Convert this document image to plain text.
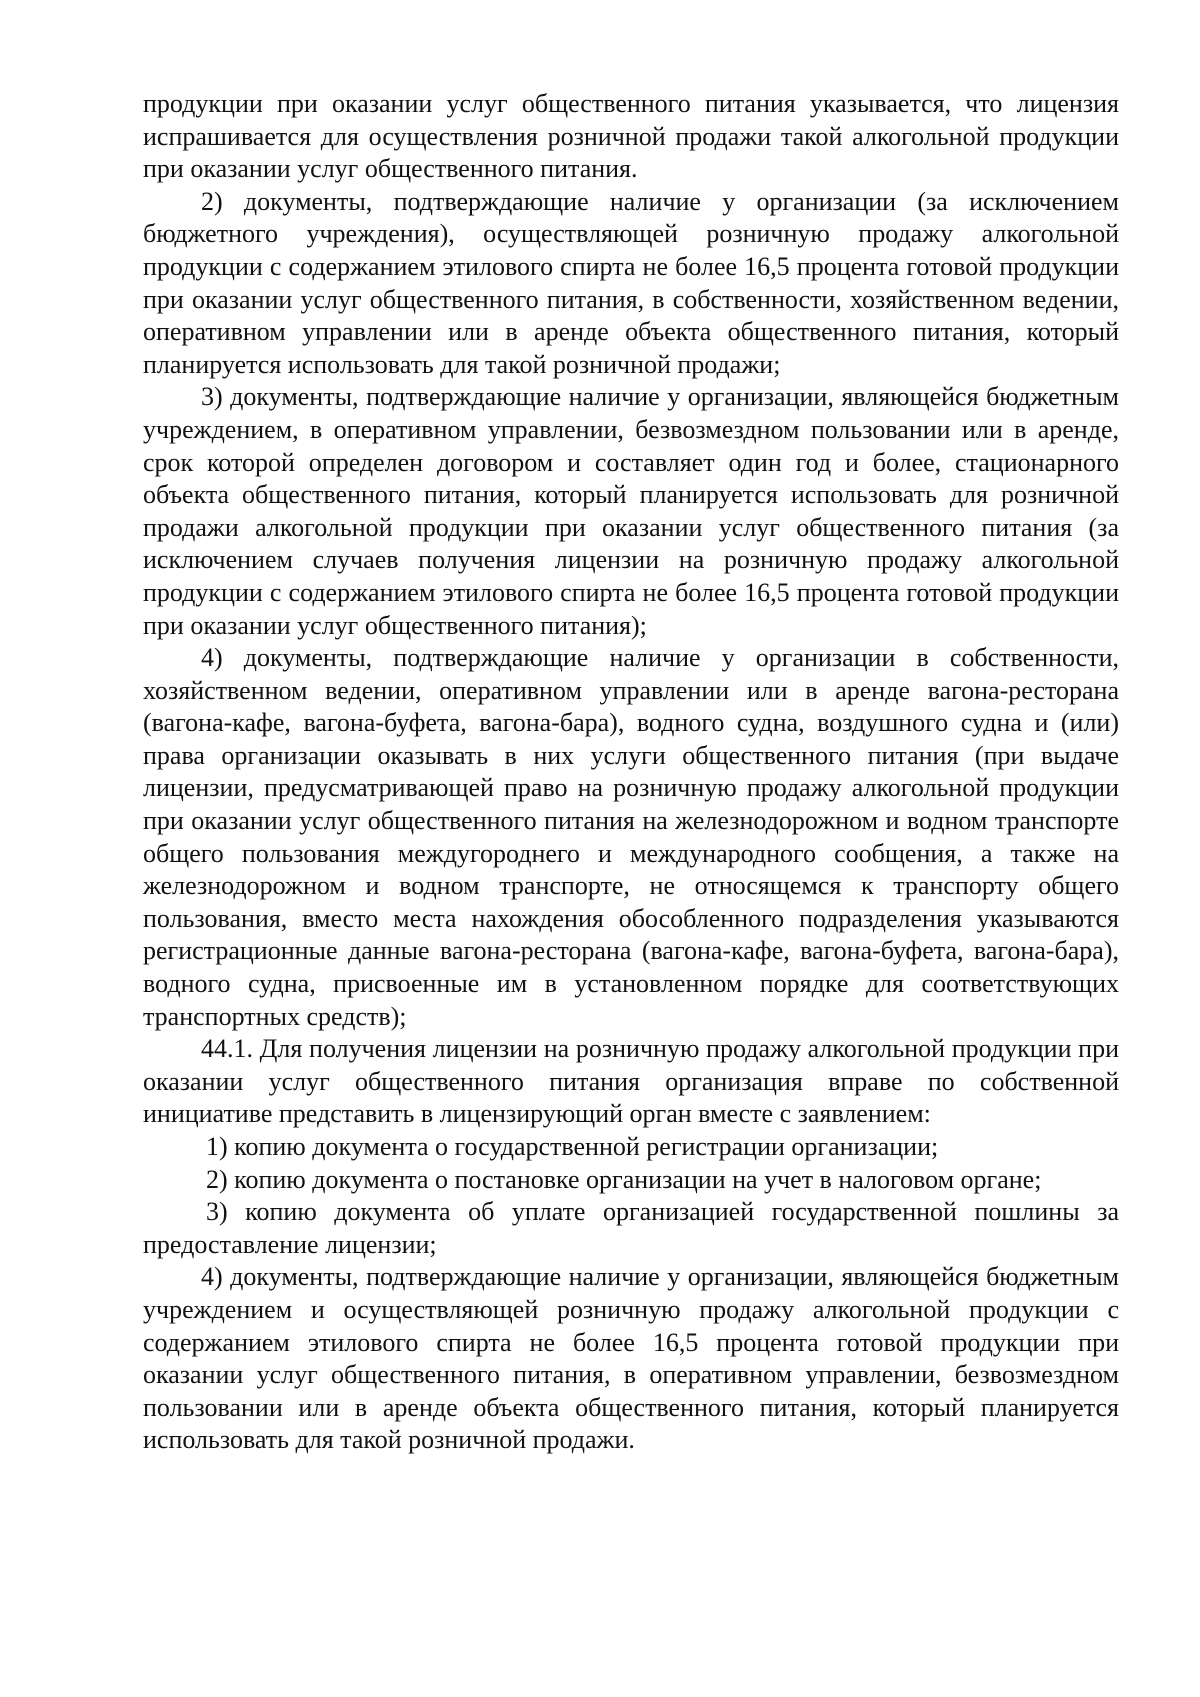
продукции при оказании услуг общественного питания указывается, что лицензия испрашивается для осуществления розничной продажи такой алкогольной продукции при оказании услуг общественного питания.

2) документы, подтверждающие наличие у организации (за исключением бюджетного учреждения), осуществляющей розничную продажу алкогольной продукции с содержанием этилового спирта не более 16,5 процента готовой продукции при оказании услуг общественного питания, в собственности, хозяйственном ведении, оперативном управлении или в аренде объекта общественного питания, который планируется использовать для такой розничной продажи;

3) документы, подтверждающие наличие у организации, являющейся бюджетным учреждением, в оперативном управлении, безвозмездном пользовании или в аренде, срок которой определен договором и составляет один год и более, стационарного объекта общественного питания, который планируется использовать для розничной продажи алкогольной продукции при оказании услуг общественного питания (за исключением случаев получения лицензии на розничную продажу алкогольной продукции с содержанием этилового спирта не более 16,5 процента готовой продукции при оказании услуг общественного питания);

4) документы, подтверждающие наличие у организации в собственности, хозяйственном ведении, оперативном управлении или в аренде вагона-ресторана (вагона-кафе, вагона-буфета, вагона-бара), водного судна, воздушного судна и (или) права организации оказывать в них услуги общественного питания (при выдаче лицензии, предусматривающей право на розничную продажу алкогольной продукции при оказании услуг общественного питания на железнодорожном и водном транспорте общего пользования междугороднего и международного сообщения, а также на железнодорожном и водном транспорте, не относящемся к транспорту общего пользования, вместо места нахождения обособленного подразделения указываются регистрационные данные вагона-ресторана (вагона-кафе, вагона-буфета, вагона-бара), водного судна, присвоенные им в установленном порядке для соответствующих транспортных средств);

44.1. Для получения лицензии на розничную продажу алкогольной продукции при оказании услуг общественного питания организация вправе по собственной инициативе представить в лицензирующий орган вместе с заявлением:

1) копию документа о государственной регистрации организации;

2) копию документа о постановке организации на учет в налоговом органе;

3) копию документа об уплате организацией государственной пошлины за предоставление лицензии;

4) документы, подтверждающие наличие у организации, являющейся бюджетным учреждением и осуществляющей розничную продажу алкогольной продукции с содержанием этилового спирта не более 16,5 процента готовой продукции при оказании услуг общественного питания, в оперативном управлении, безвозмездном пользовании или в аренде объекта общественного питания, который планируется использовать для такой розничной продажи.
